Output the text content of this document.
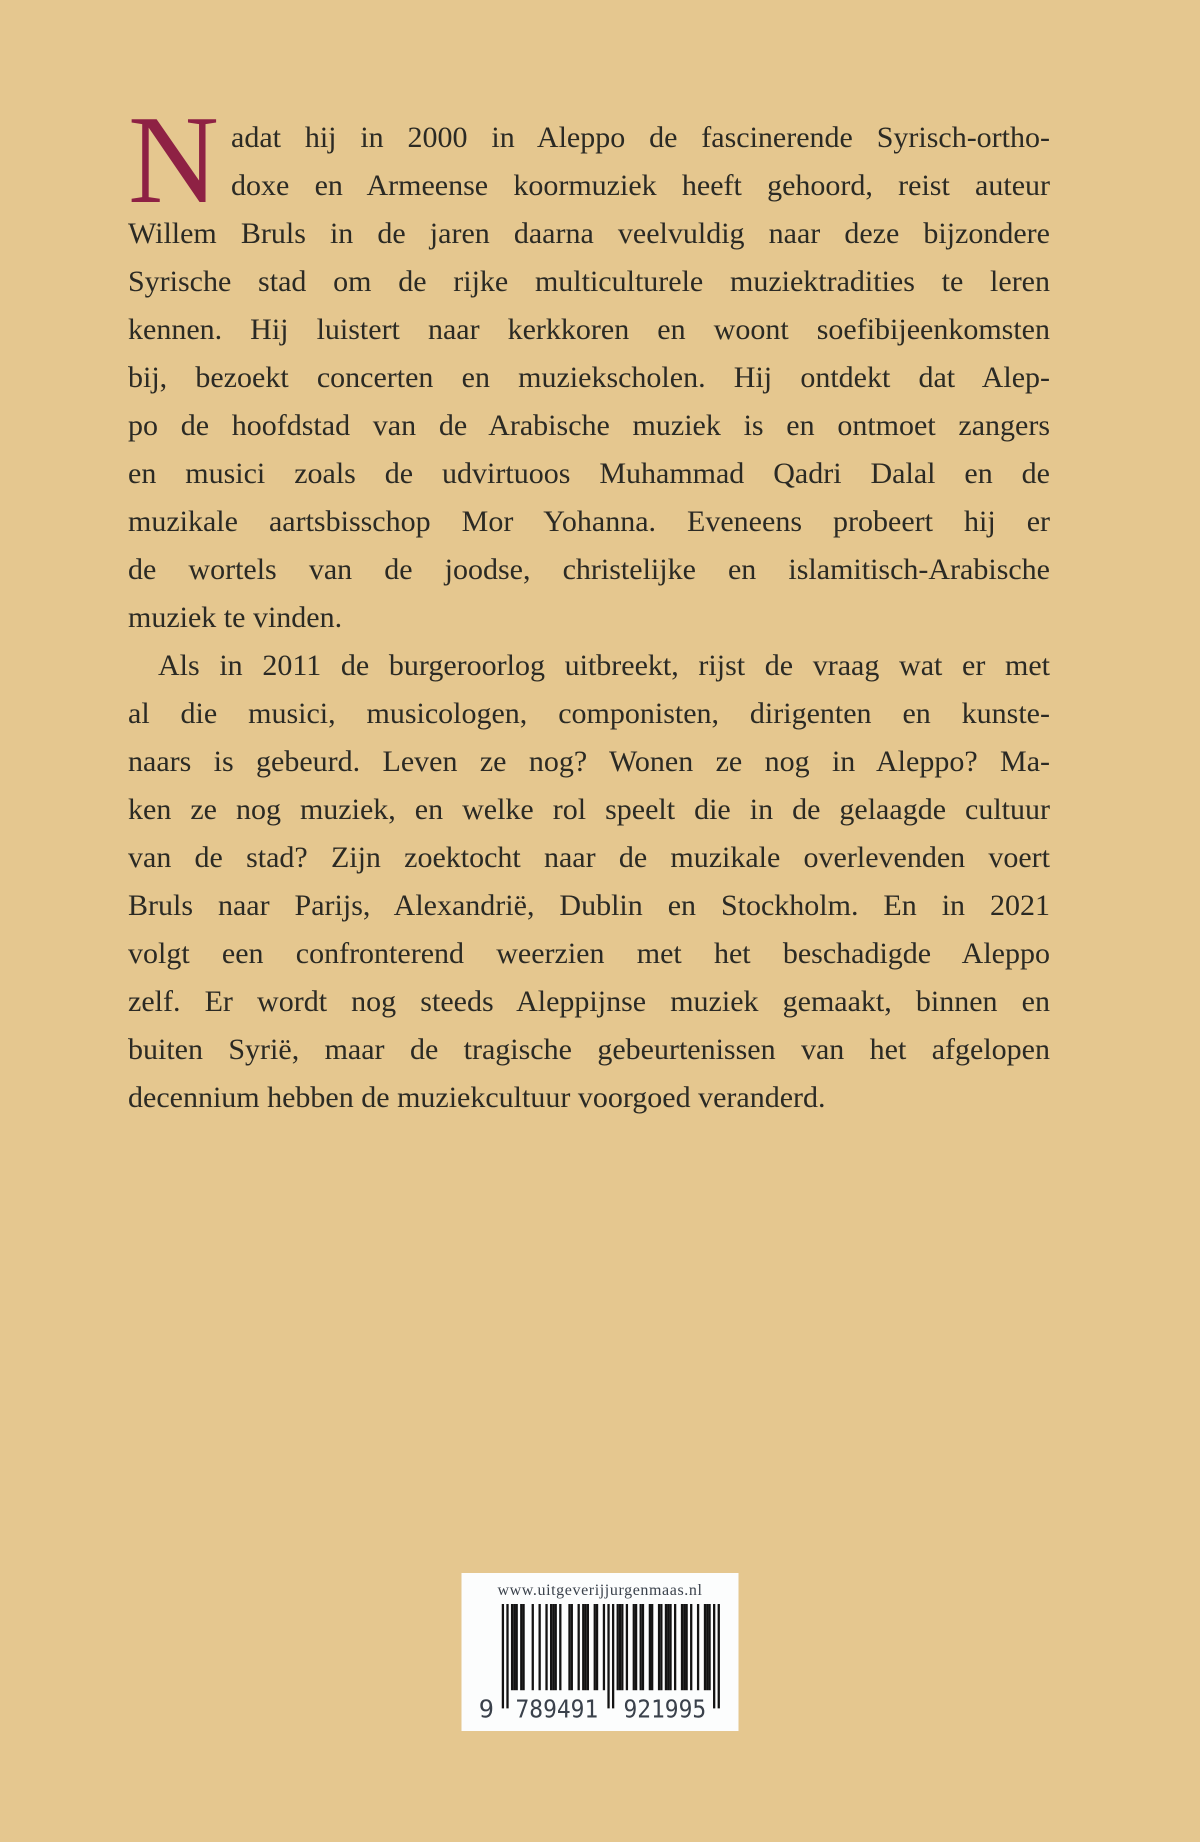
N adat hij in 2000 in Aleppo de fascinerende Syrisch-ortho-
doxe en Armeense koormuziek heeft gehoord, reist auteur
Willem Bruls in de jaren daarna veelvuldig naar deze bijzondere
Syrische stad om de rijke multiculturele muziektradities te leren
kennen. Hij luistert naar kerkkoren en woont soefibijeenkomsten
bij, bezoekt concerten en muziekscholen. Hij ontdekt dat Alep-
po de hoofdstad van de Arabische muziek is en ontmoet zangers
en musici zoals de udvirtuoos Muhammad Qadri Dalal en de
muzikale aartsbisschop Mor Yohanna. Eveneens probeert hij er
de wortels van de joodse, christelijke en islamitisch-Arabische
muziek te vinden.
Als in 2011 de burgeroorlog uitbreekt, rijst de vraag wat er met
al die musici, musicologen, componisten, dirigenten en kunste-
naars is gebeurd. Leven ze nog? Wonen ze nog in Aleppo? Ma-
ken ze nog muziek, en welke rol speelt die in de gelaagde cultuur
van de stad? Zijn zoektocht naar de muzikale overlevenden voert
Bruls naar Parijs, Alexandrië, Dublin en Stockholm. En in 2021
volgt een confronterend weerzien met het beschadigde Aleppo
zelf. Er wordt nog steeds Aleppijnse muziek gemaakt, binnen en
buiten Syrië, maar de tragische gebeurtenissen van het afgelopen
decennium hebben de muziekcultuur voorgoed veranderd.
www.uitgeverijjurgenmaas.nl
9 789491 921995
